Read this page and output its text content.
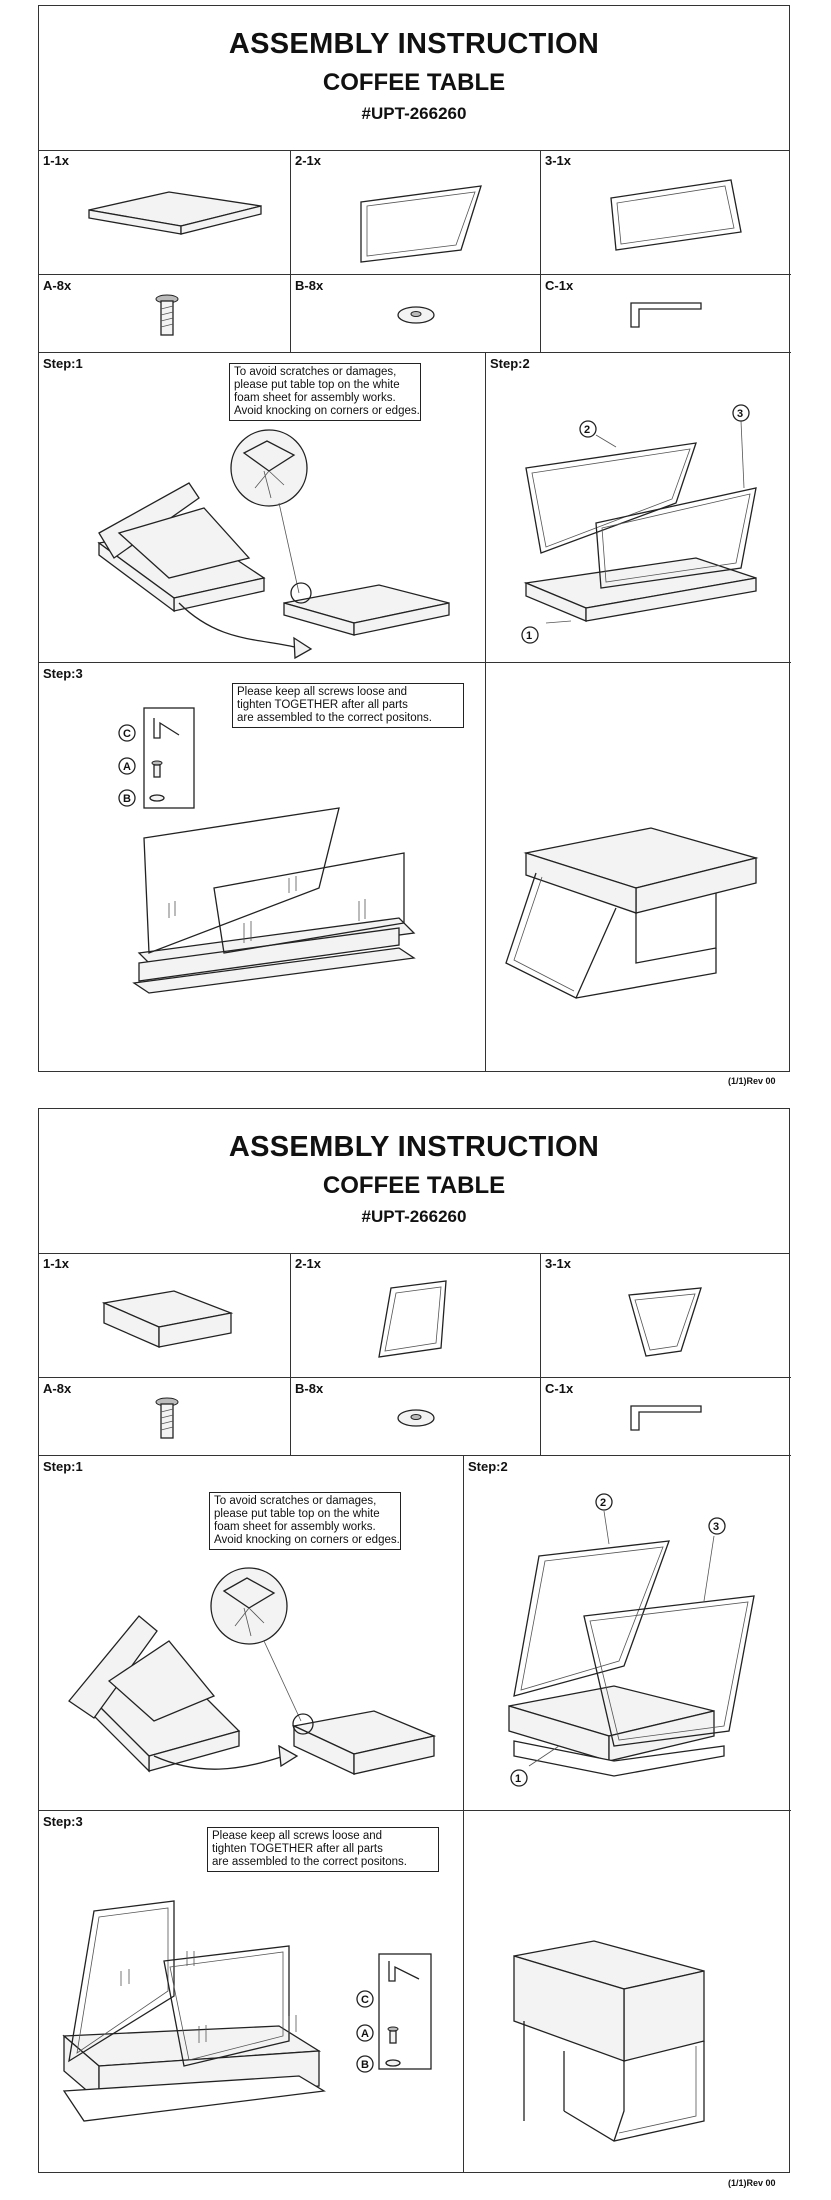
ASSEMBLY INSTRUCTION
COFFEE TABLE
#UPT-266260
1-1x	2-1x	3-1x
A-8x	B-8x	C-1x
Step:1
To avoid scratches or damages,
please put table top on the white
foam sheet for assembly works.
Avoid knocking on corners or edges.
Step:2
1
2
3
Step:3
Please keep all screws loose and
tighten TOGETHER after all parts
are assembled to the correct positons.
C
A
B
(1/1)Rev 00
ASSEMBLY INSTRUCTION
COFFEE TABLE
#UPT-266260
1-1x	2-1x	3-1x
A-8x	B-8x	C-1x
Step:1
To avoid scratches or damages,
please put table top on the white
foam sheet for assembly works.
Avoid knocking on corners or edges.
Step:2
1
2
3
Step:3
Please keep all screws loose and
tighten TOGETHER after all parts
are assembled to the correct positons.
C
A
B
(1/1)Rev 00
